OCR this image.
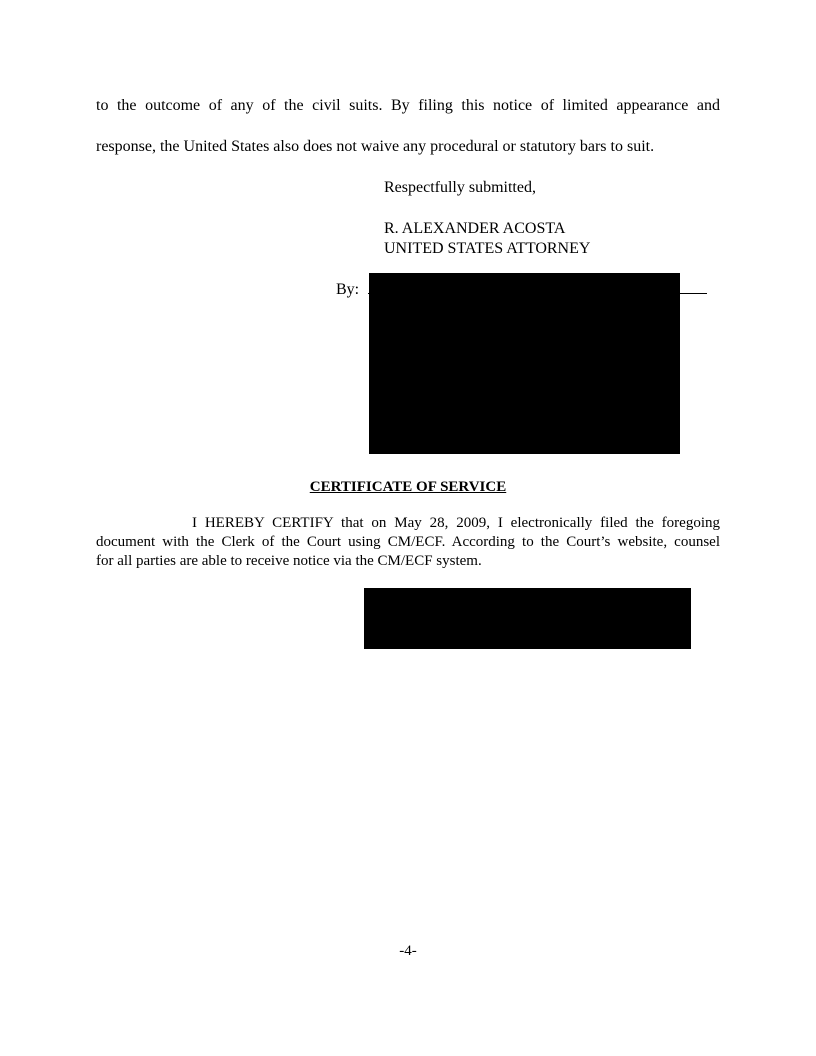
to the outcome of any of the civil suits. By filing this notice of limited appearance and
response, the United States also does not waive any procedural or statutory bars to suit.
Respectfully submitted,
R. ALEXANDER ACOSTA
UNITED STATES ATTORNEY
By:
CERTIFICATE OF SERVICE
I HEREBY CERTIFY that on May 28, 2009, I electronically filed the foregoing
document with the Clerk of the Court using CM/ECF. According to the Court’s website, counsel
for all parties are able to receive notice via the CM/ECF system.
-4-
